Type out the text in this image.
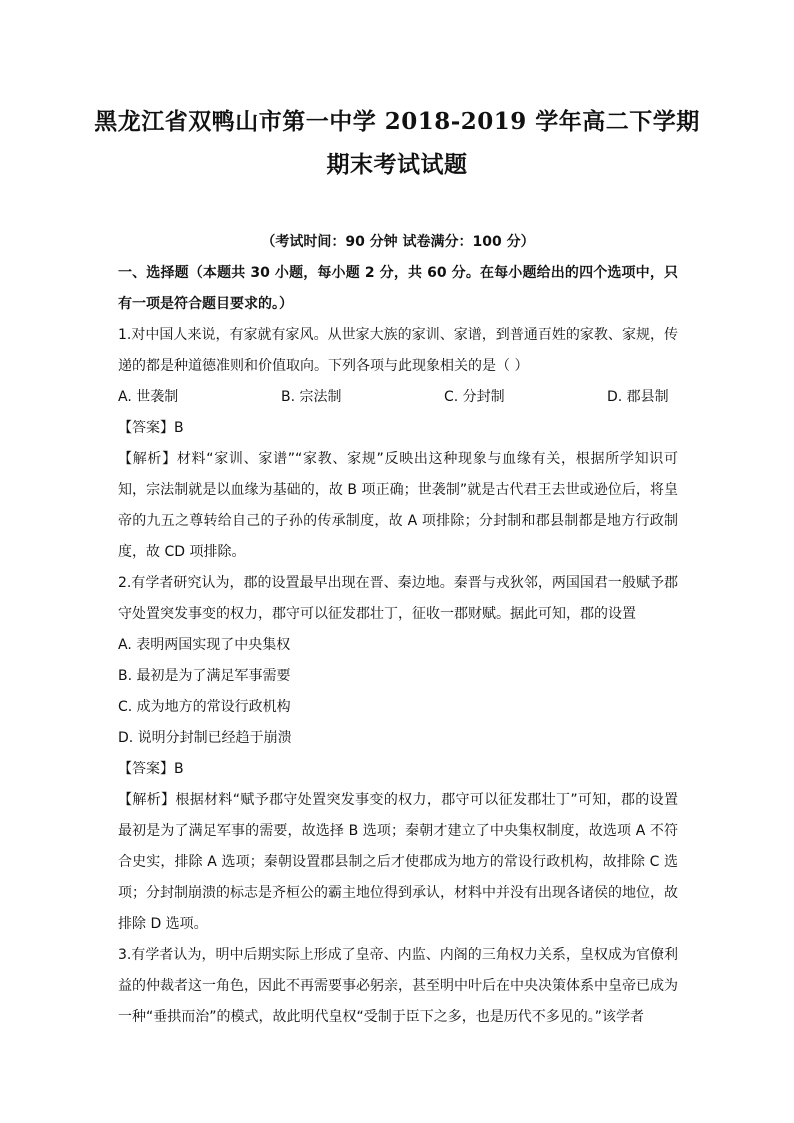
黑龙江省双鸭山市第一中学 2018-2019 学年高二下学期
期末考试试题

（考试时间：90 分钟 试卷满分：100 分）

一、选择题（本题共 30 小题，每小题 2 分，共 60 分。在每小题给出的四个选项中，只有一项是符合题目要求的。）

1.对中国人来说，有家就有家风。从世家大族的家训、家谱，到普通百姓的家教、家规，传递的都是种道德准则和价值取向。下列各项与此现象相关的是（ ）

A. 世袭制	B. 宗法制	C. 分封制	D. 郡县制

【答案】B

【解析】材料“家训、家谱”“家教、家规”反映出这种现象与血缘有关，根据所学知识可知，宗法制就是以血缘为基础的，故 B 项正确；世袭制”就是古代君王去世或逊位后，将皇帝的九五之尊转给自己的子孙的传承制度，故 A 项排除；分封制和郡县制都是地方行政制度，故 CD 项排除。

2.有学者研究认为，郡的设置最早出现在晋、秦边地。秦晋与戎狄邻，两国国君一般赋予郡守处置突发事变的权力，郡守可以征发郡壮丁，征收一郡财赋。据此可知，郡的设置

A. 表明两国实现了中央集权

B. 最初是为了满足军事需要

C. 成为地方的常设行政机构

D. 说明分封制已经趋于崩溃

【答案】B

【解析】根据材料“赋予郡守处置突发事变的权力，郡守可以征发郡壮丁”可知，郡的设置最初是为了满足军事的需要，故选择 B 选项；秦朝才建立了中央集权制度，故选项 A 不符合史实，排除 A 选项；秦朝设置郡县制之后才使郡成为地方的常设行政机构，故排除 C 选项；分封制崩溃的标志是齐桓公的霸主地位得到承认，材料中并没有出现各诸侯的地位，故排除 D 选项。

3.有学者认为，明中后期实际上形成了皇帝、内监、内阁的三角权力关系，皇权成为官僚利益的仲裁者这一角色，因此不再需要事必躬亲，甚至明中叶后在中央决策体系中皇帝已成为一种“垂拱而治”的模式，故此明代皇权“受制于臣下之多，也是历代不多见的。”该学者
